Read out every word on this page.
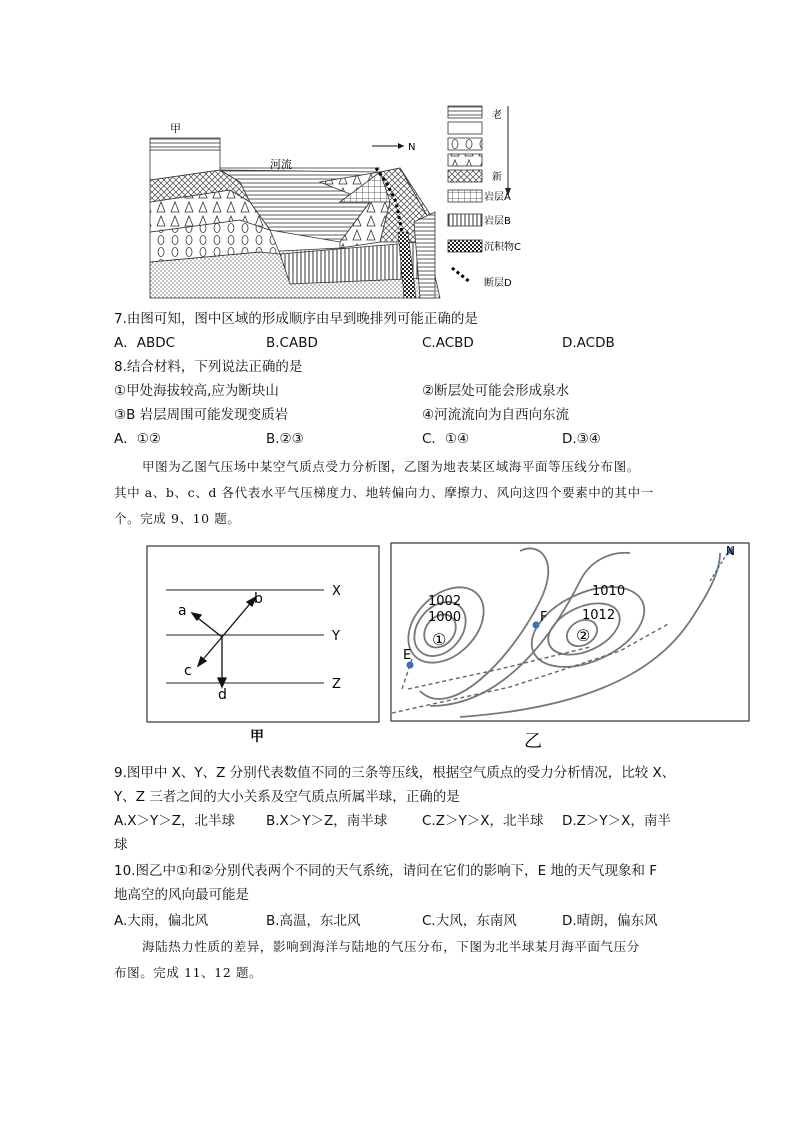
河流
甲
N
老
新
岩层A
岩层B
沉积物C
断层D
7.由图可知，图中区域的形成顺序由早到晚排列可能正确的是
A．ABDC	B.CABD	C.ACBD	D.ACDB
8.结合材料，下列说法正确的是
①甲处海拔较高,应为断块山	②断层处可能会形成泉水
③B 岩层周围可能发现变质岩	④河流流向为自西向东流
A．①②	B.②③	C．①④	D.③④
甲图为乙图气压场中某空气质点受力分析图，乙图为地表某区域海平面等压线分布图。
其中 a、b、c、d 各代表水平气压梯度力、地转偏向力、摩擦力、风向这四个要素中的其中一
个。完成 9、10 题。
X
Y
Z
a
b
c
d
甲
N
1002
1000
1010
1012
①	②
E
F
乙
9.图甲中 X、Y、Z 分别代表数值不同的三条等压线，根据空气质点的受力分析情况，比较 X、
Y、Z 三者之间的大小关系及空气质点所属半球，正确的是
A.X＞Y＞Z，北半球 B.X＞Y＞Z，南半球	C.Z＞Y＞X，北半球 D.Z＞Y＞X，南半
球
10.图乙中①和②分别代表两个不同的天气系统，请问在它们的影响下，E 地的天气现象和 F
地高空的风向最可能是
A.大雨，偏北风	B.高温，东北风	C.大风，东南风	D.晴朗，偏东风
海陆热力性质的差异，影响到海洋与陆地的气压分布，下图为北半球某月海平面气压分
布图。完成 11、12 题。
